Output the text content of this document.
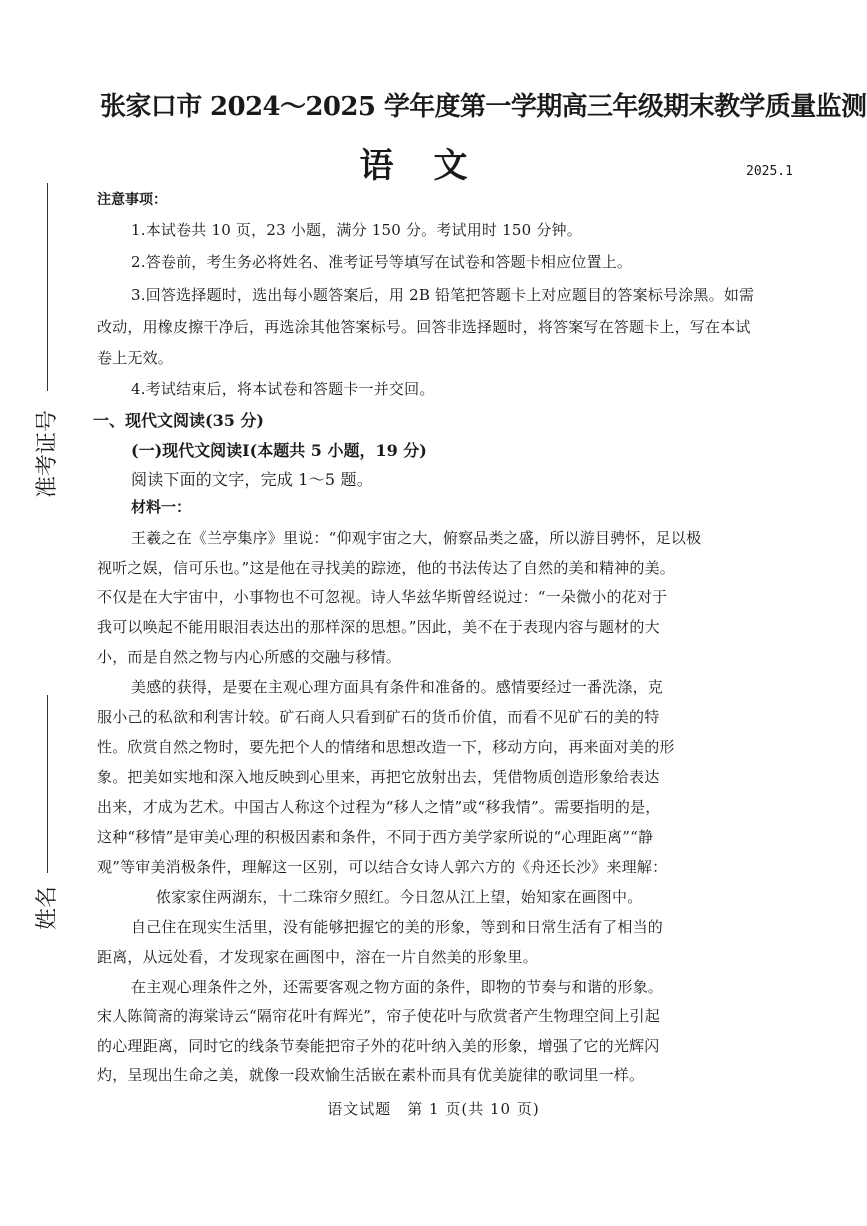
准考证号
姓名
张家口市 2024～2025 学年度第一学期高三年级期末教学质量监测
语文	2025.1
注意事项：
1.本试卷共 10 页，23 小题，满分 150 分。考试用时 150 分钟。
2.答卷前，考生务必将姓名、准考证号等填写在试卷和答题卡相应位置上。
3.回答选择题时，选出每小题答案后，用 2B 铅笔把答题卡上对应题目的答案标号涂黑。如需
改动，用橡皮擦干净后，再选涂其他答案标号。回答非选择题时，将答案写在答题卡上，写在本试
卷上无效。
4.考试结束后，将本试卷和答题卡一并交回。
一、现代文阅读(35 分)
(一)现代文阅读Ⅰ(本题共 5 小题，19 分)
阅读下面的文字，完成 1～5 题。
材料一：
王羲之在《兰亭集序》里说：“仰观宇宙之大，俯察品类之盛，所以游目骋怀，足以极
视听之娱，信可乐也。”这是他在寻找美的踪迹，他的书法传达了自然的美和精神的美。
不仅是在大宇宙中，小事物也不可忽视。诗人华兹华斯曾经说过：“一朵微小的花对于
我可以唤起不能用眼泪表达出的那样深的思想。”因此，美不在于表现内容与题材的大
小，而是自然之物与内心所感的交融与移情。
美感的获得，是要在主观心理方面具有条件和准备的。感情要经过一番洗涤，克
服小己的私欲和利害计较。矿石商人只看到矿石的货币价值，而看不见矿石的美的特
性。欣赏自然之物时，要先把个人的情绪和思想改造一下，移动方向，再来面对美的形
象。把美如实地和深入地反映到心里来，再把它放射出去，凭借物质创造形象给表达
出来，才成为艺术。中国古人称这个过程为“移人之情”或“移我情”。需要指明的是，
这种“移情”是审美心理的积极因素和条件，不同于西方美学家所说的“心理距离”“静
观”等审美消极条件，理解这一区别，可以结合女诗人郭六方的《舟还长沙》来理解：
侬家家住两湖东，十二珠帘夕照红。今日忽从江上望，始知家在画图中。
自己住在现实生活里，没有能够把握它的美的形象，等到和日常生活有了相当的
距离，从远处看，才发现家在画图中，溶在一片自然美的形象里。
在主观心理条件之外，还需要客观之物方面的条件，即物的节奏与和谐的形象。
宋人陈简斋的海棠诗云“隔帘花叶有辉光”，帘子使花叶与欣赏者产生物理空间上引起
的心理距离，同时它的线条节奏能把帘子外的花叶纳入美的形象，增强了它的光辉闪
灼，呈现出生命之美，就像一段欢愉生活嵌在素朴而具有优美旋律的歌词里一样。
语文试题　第 1 页(共 10 页)
